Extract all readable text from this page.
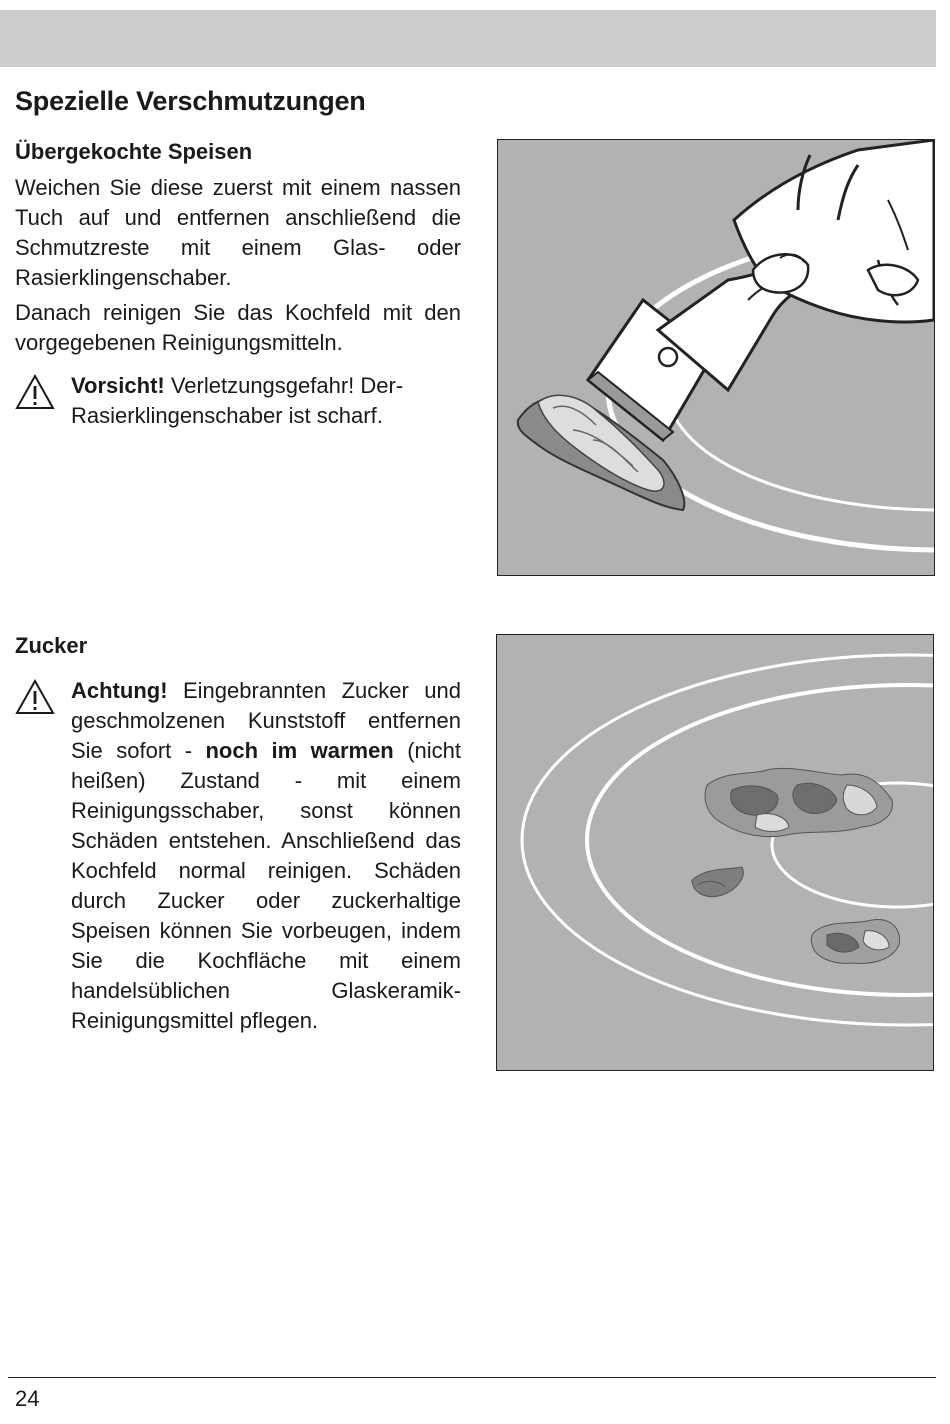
Spezielle Verschmutzungen
Übergekochte Speisen

Weichen Sie diese zuerst mit einem nassen Tuch auf und entfernen anschließend die Schmutzreste mit einem Glas- oder Rasierklingenschaber.

Danach reinigen Sie das Kochfeld mit den vorgegebenen Reinigungsmitteln.

Vorsicht! Verletzungsgefahr! Der-Rasierklingenschaber ist scharf.

Zucker

Achtung! Eingebrannten Zucker und geschmolzenen Kunststoff entfernen Sie sofort - noch im warmen (nicht heißen) Zustand - mit einem Reinigungsschaber, sonst können Schäden entstehen. Anschließend das Kochfeld normal reinigen. Schäden durch Zucker oder zuckerhaltige Speisen können Sie vorbeugen, indem Sie die Kochfläche mit einem handelsüblichen Glaskeramik-Reinigungsmittel pflegen.

24
